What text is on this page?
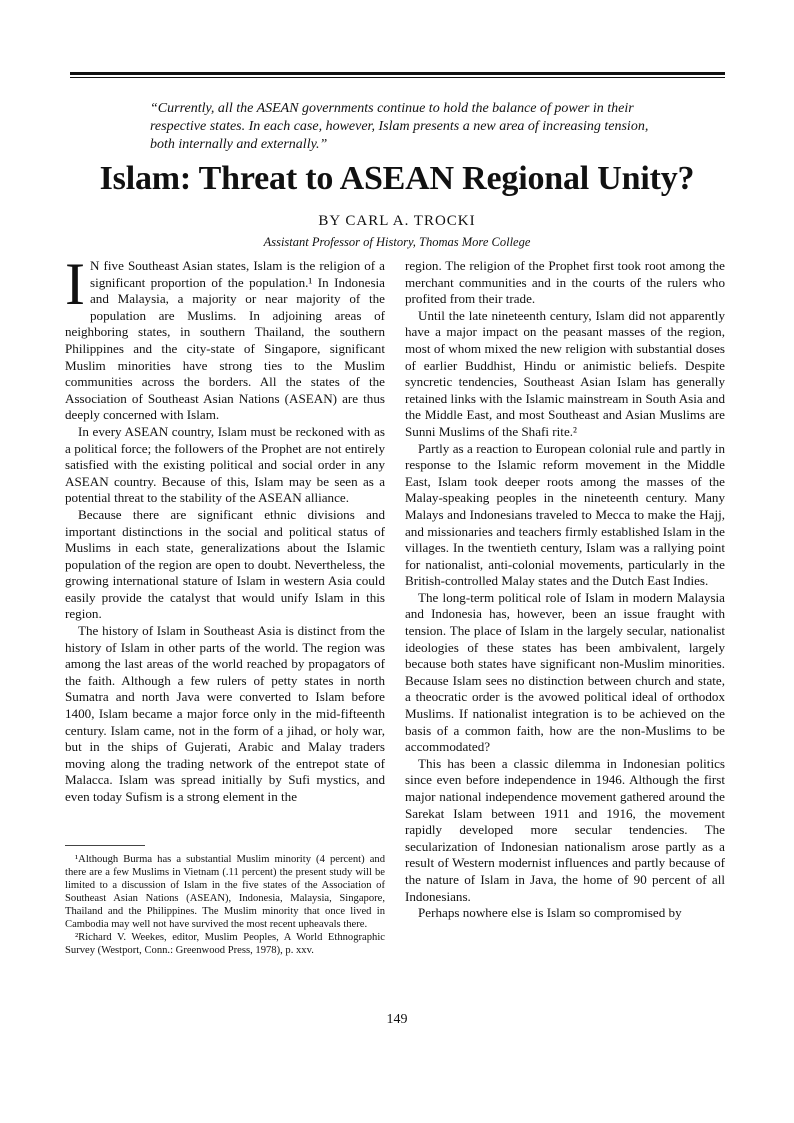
“Currently, all the ASEAN governments continue to hold the balance of power in their respective states. In each case, however, Islam presents a new area of increasing tension, both internally and externally.”
Islam: Threat to ASEAN Regional Unity?
BY CARL A. TROCKI
Assistant Professor of History, Thomas More College

I N five Southeast Asian states, Islam is the religion of a significant proportion of the population.¹ In Indonesia and Malaysia, a majority or near majority of the population are Muslims. In adjoining areas of neighboring states, in southern Thailand, the southern Philippines and the city-state of Singapore, significant Muslim minorities have strong ties to the Muslim communities across the borders. All the states of the Association of Southeast Asian Nations (ASEAN) are thus deeply concerned with Islam.

In every ASEAN country, Islam must be reckoned with as a political force; the followers of the Prophet are not entirely satisfied with the existing political and social order in any ASEAN country. Because of this, Islam may be seen as a potential threat to the stability of the ASEAN alliance.

Because there are significant ethnic divisions and important distinctions in the social and political status of Muslims in each state, generalizations about the Islamic population of the region are open to doubt. Nevertheless, the growing international stature of Islam in western Asia could easily provide the catalyst that would unify Islam in this region.

The history of Islam in Southeast Asia is distinct from the history of Islam in other parts of the world. The region was among the last areas of the world reached by propagators of the faith. Although a few rulers of petty states in north Sumatra and north Java were converted to Islam before 1400, Islam became a major force only in the mid-fifteenth century. Islam came, not in the form of a jihad, or holy war, but in the ships of Gujerati, Arabic and Malay traders moving along the trading network of the entrepot state of Malacca. Islam was spread initially by Sufi mystics, and even today Sufism is a strong element in the

region. The religion of the Prophet first took root among the merchant communities and in the courts of the rulers who profited from their trade.

Until the late nineteenth century, Islam did not apparently have a major impact on the peasant masses of the region, most of whom mixed the new religion with substantial doses of earlier Buddhist, Hindu or animistic beliefs. Despite syncretic tendencies, Southeast Asian Islam has generally retained links with the Islamic mainstream in South Asia and the Middle East, and most Southeast and Asian Muslims are Sunni Muslims of the Shafi rite.²

Partly as a reaction to European colonial rule and partly in response to the Islamic reform movement in the Middle East, Islam took deeper roots among the masses of the Malay-speaking peoples in the nineteenth century. Many Malays and Indonesians traveled to Mecca to make the Hajj, and missionaries and teachers firmly established Islam in the villages. In the twentieth century, Islam was a rallying point for nationalist, anti-colonial movements, particularly in the British-controlled Malay states and the Dutch East Indies.

The long-term political role of Islam in modern Malaysia and Indonesia has, however, been an issue fraught with tension. The place of Islam in the largely secular, nationalist ideologies of these states has been ambivalent, largely because both states have significant non-Muslim minorities. Because Islam sees no distinction between church and state, a theocratic order is the avowed political ideal of orthodox Muslims. If nationalist integration is to be achieved on the basis of a common faith, how are the non-Muslims to be accommodated?

This has been a classic dilemma in Indonesian politics since even before independence in 1946. Although the first major national independence movement gathered around the Sarekat Islam between 1911 and 1916, the movement rapidly developed more secular tendencies. The secularization of Indonesian nationalism arose partly as a result of Western modernist influences and partly because of the nature of Islam in Java, the home of 90 percent of all Indonesians.

Perhaps nowhere else is Islam so compromised by

¹Although Burma has a substantial Muslim minority (4 percent) and there are a few Muslims in Vietnam (.11 percent) the present study will be limited to a discussion of Islam in the five states of the Association of Southeast Asian Nations (ASEAN), Indonesia, Malaysia, Singapore, Thailand and the Philippines. The Muslim minority that once lived in Cambodia may well not have survived the most recent upheavals there.

²Richard V. Weekes, editor, Muslim Peoples, A World Ethnographic Survey (Westport, Conn.: Greenwood Press, 1978), p. xxv.

149
